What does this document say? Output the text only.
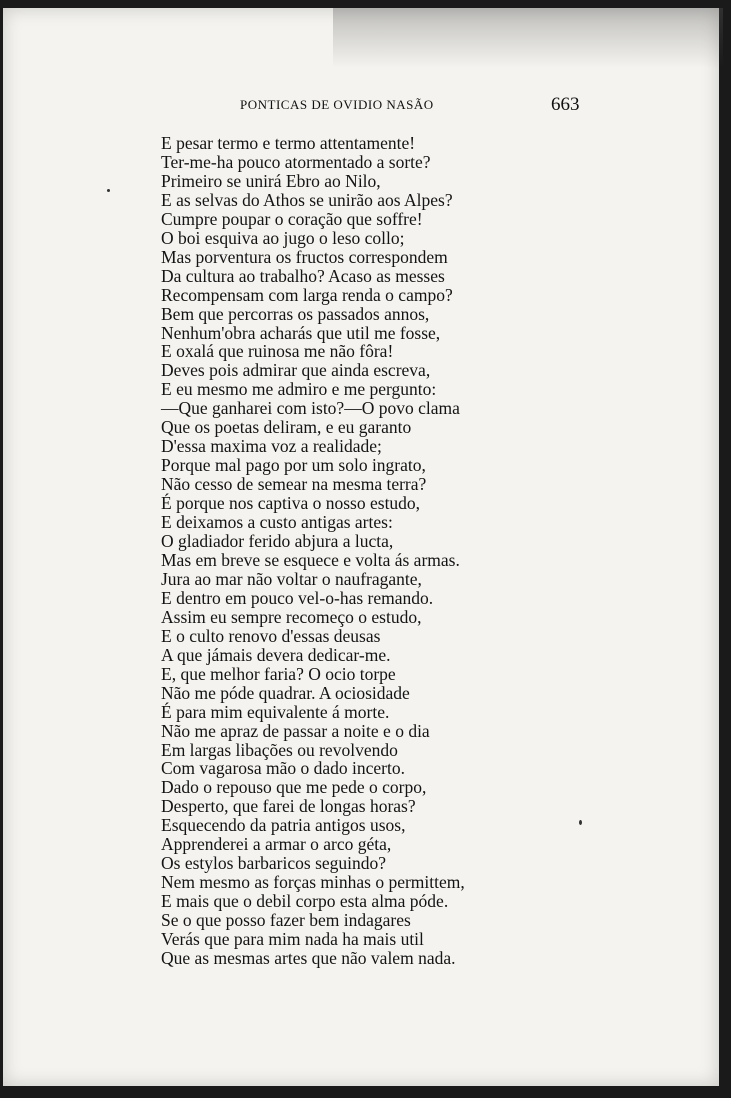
PONTICAS DE OVIDIO NASÃO	663
E pesar termo e termo attentamente!
Ter-me-ha pouco atormentado a sorte?
Primeiro se unirá Ebro ao Nilo,
E as selvas do Athos se unirão aos Alpes?
Cumpre poupar o coração que soffre!
O boi esquiva ao jugo o leso collo;
Mas porventura os fructos correspondem
Da cultura ao trabalho? Acaso as messes
Recompensam com larga renda o campo?
Bem que percorras os passados annos,
Nenhum'obra acharás que util me fosse,
E oxalá que ruinosa me não fôra!
Deves pois admirar que ainda escreva,
E eu mesmo me admiro e me pergunto:
—Que ganharei com isto?—O povo clama
Que os poetas deliram, e eu garanto
D'essa maxima voz a realidade;
Porque mal pago por um solo ingrato,
Não cesso de semear na mesma terra?
É porque nos captiva o nosso estudo,
E deixamos a custo antigas artes:
O gladiador ferido abjura a lucta,
Mas em breve se esquece e volta ás armas.
Jura ao mar não voltar o naufragante,
E dentro em pouco vel-o-has remando.
Assim eu sempre recomeço o estudo,
E o culto renovo d'essas deusas
A que jámais devera dedicar-me.
E, que melhor faria? O ocio torpe
Não me póde quadrar. A ociosidade
É para mim equivalente á morte.
Não me apraz de passar a noite e o dia
Em largas libações ou revolvendo
Com vagarosa mão o dado incerto.
Dado o repouso que me pede o corpo,
Desperto, que farei de longas horas?
Esquecendo da patria antigos usos,
Apprenderei a armar o arco géta,
Os estylos barbaricos seguindo?
Nem mesmo as forças minhas o permittem,
E mais que o debil corpo esta alma póde.
Se o que posso fazer bem indagares
Verás que para mim nada ha mais util
Que as mesmas artes que não valem nada.
